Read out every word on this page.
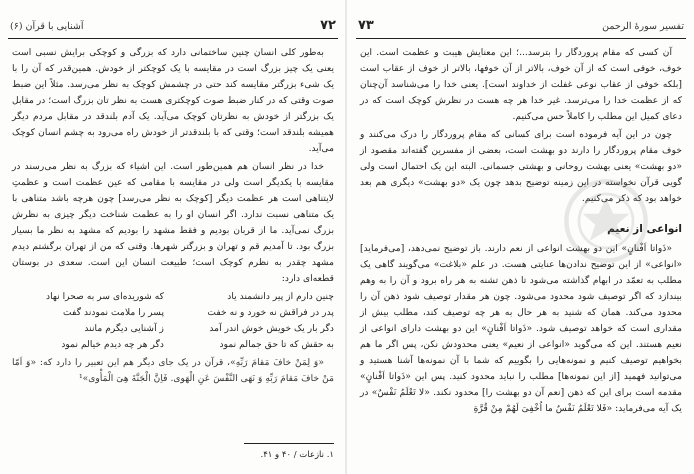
۷۲
آشنایی با قرآن (۶)

به‌طور کلی انسان چنین ساختمانی دارد که بزرگی و کوچکی برایش نسبی است یعنی یک چیز بزرگ است در مقایسه با یک کوچکتر از خودش. همین‌قدر که آن را با یک شیء بزرگتر مقایسه کند حتی در چشمش کوچک به نظر می‌رسد. مثلاً این ضبط صوت وقتی که در کنار ضبط صوت کوچکتری هست به نظر تان بزرگ است؛ در مقابل یک بزرگتر از خودش به نظرتان کوچک می‌آید. یک آدم بلندقد در مقابل مردم دیگر همیشه بلندقد است؛ وقتی که با بلندقدتر از خودش راه می‌رود به چشم انسان کوچک می‌آید.

خدا در نظر انسان هم همین‌طور است. این اشیاء که بزرگ به نظر می‌رسند در مقایسه با یکدیگر است ولی در مقایسه با مقامی که عین عظمت است و عظمتِ لایتناهی است هر عظمت دیگر [کوچک به نظر می‌رسد] چون هرچه باشد متناهی با یک متناهی نسبت ندارد. اگر انسان او را به عظمت شناخت دیگر چیزی به نظرش بزرگ نمی‌آید. ما از قربان بودیم و فقط مشهد را بودیم که مشهد به نظر ما بسیار بزرگ بود. تا آمدیم قم و تهران و بزرگتر شهرها. وقتی که من از تهران برگشتم دیدم مشهد چقدر به نظرم کوچک است؛ طبیعت انسان این است. سعدی در بوستان قطعه‌ای دارد:

چنین دارم از پیر دانشمند یاد
که شوریده‌ای سر به صحرا نهاد
پدر در فراقش نه خورد و نه خفت
پسر را ملامت نمودند گفت
دگر بار یک خویش خوش اندر آمد
ز آشنایی دیگرم مانند
به حقش که تا حق جمالم نمود
دگر هر چه دیدم خیالم نمود

«وَ لِمَنْ خافَ مَقامَ رَبِّهِ»، قرآن در یک جای دیگر هم این تعبیر را دارد که: «وَ اَمّا مَنْ خافَ مَقامَ رَبِّهِ وَ نَهَی النَّفْسَ عَنِ الْهَوی. فَاِنَّ الْجَنَّةَ هِیَ الْمَأْوی»¹

۱. نازعات / ۴۰ و ۴۱.
۷۳	تفسیر سورهٔ الرحمن

آن کسی که مقام پروردگار را بترسد...؛ این معنایش هیبت و عظمت است. این خوف، خوفی است که از آن خوف، بالاتر از آن خوفها، بالاتر از خوف از عقاب است [بلکه خوفی از عقاب نوعی غفلت از خداوند است]. یعنی خدا را می‌شناسد آن‌چنان که از عظمت خدا را می‌ترسد. غیر خدا هر چه هست در نظرش کوچک است که در دعای کمیل این مطلب را کاملاً حس می‌کنیم.

چون در این آیه فرموده است برای کسانی که مقام پروردگار را درک می‌کنند و خوف مقام پروردگار را دارند دو بهشت است، بعضی از مفسرین گفته‌اند مقصود از «دو بهشت» یعنی بهشت روحانی و بهشتی جسمانی. البته این یک احتمال است ولی گویی قرآن نخواسته در این زمینه توضیح بدهد چون یک «دو بهشت» دیگری هم بعد خواهد بود که ذکر می‌کنیم.

انواعی از نعیم

«ذَواتا اَفْنانٍ» این دو بهشت انواعی از نعم دارند. باز توضیح نمی‌دهد، [می‌فرماید] «انواعی» از این توضیح ندادن‌ها عنایتی هست. در علم «بلاغت» می‌گویند گاهی یک مطلب به تعمّد در ابهام گذاشته می‌شود تا ذهن تشنه به هر راه برود و آن را به وهم بیندازد که اگر توصیف شود محدود می‌شود. چون هر مقدار توصیف شود ذهن آن را محدود می‌کند. همان که شنید به هر حال به هر چه توصیف کند، مطلب بیش از مقداری است که خواهد توصیف شود. «ذَواتا اَفْنانٍ» این دو بهشت دارای انواعی از نعیم هستند. این که می‌گوید «انواعی از نعیم» یعنی محدودش نکن، پس اگر ما هم بخواهیم توصیف کنیم و نمونه‌هایی را بگوییم که شما با آن نمونه‌ها آشنا هستید و می‌توانید فهمید [از این نمونه‌ها] مطلب را نباید محدود کنید. پس این «ذَواتا اَفْنانٍ» مقدمه است برای این که ذهن [نعم آن دو بهشت را] محدود نکند. «لا تَعْلَمُ نَفْسٌ» در یک آیه می‌فرماید: «فَلا تَعْلَمُ نَفْسٌ ما اُخْفِیَ لَهُمْ مِنْ قُرَّةِ
